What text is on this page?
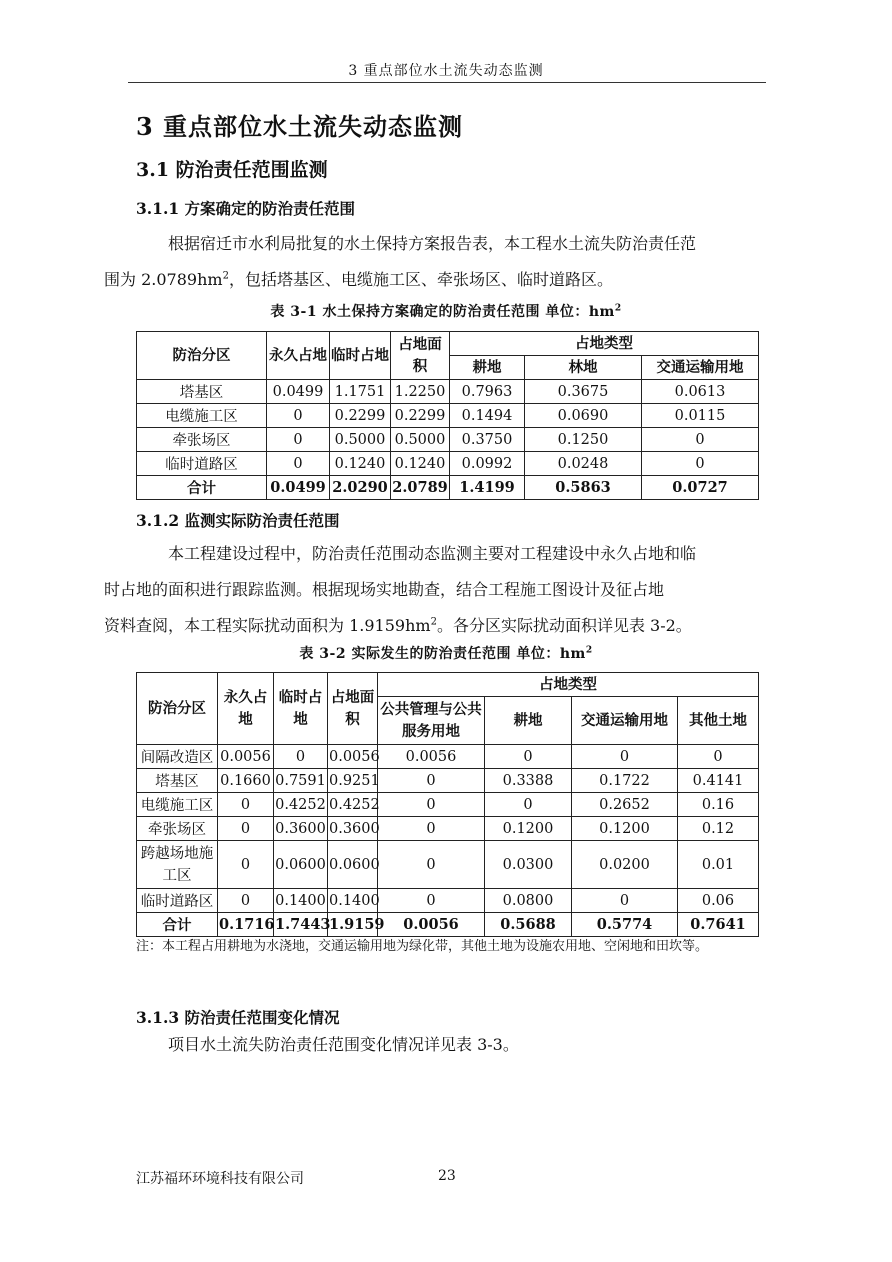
3 重点部位水土流失动态监测
3 重点部位水土流失动态监测
3.1 防治责任范围监测
3.1.1 方案确定的防治责任范围
根据宿迁市水利局批复的水土保持方案报告表，本工程水土流失防治责任范
围为 $2.0789hm^2$，包括塔基区、电缆施工区、牵张场区、临时道路区。
表 3-1 水土保持方案确定的防治责任范围 单位：$hm^2$
防治分区	永久占地	临时占地	占地面积	占地类型		
				耕地	林地	交通运输用地
塔基区	0.0499	1.1751	1.2250	0.7963	0.3675	0.0613
电缆施工区	0	0.2299	0.2299	0.1494	0.0690	0.0115
牵张场区	0	0.5000	0.5000	0.3750	0.1250	0
临时道路区	0	0.1240	0.1240	0.0992	0.0248	0
合计	0.0499	2.0290	2.0789	1.4199	0.5863	0.0727
3.1.2 监测实际防治责任范围
本工程建设过程中，防治责任范围动态监测主要对工程建设中永久占地和临
时占地的面积进行跟踪监测。根据现场实地勘查，结合工程施工图设计及征占地
资料查阅，本工程实际扰动面积为 $1.9159hm^2$。各分区实际扰动面积详见表 3-2。
表 3-2 实际发生的防治责任范围 单位：$hm^2$
防治分区	永久占地	临时占地	占地面积	占地类型			
				公共管理与公共服务用地	耕地	交通运输用地	其他土地
间隔改造区	0.0056	0	0.0056	0.0056	0	0	0
塔基区	0.1660	0.7591	0.9251	0	0.3388	0.1722	0.4141
电缆施工区	0	0.4252	0.4252	0	0	0.2652	0.16
牵张场区	0	0.3600	0.3600	0	0.1200	0.1200	0.12
跨越场地施工区	0	0.0600	0.0600	0	0.0300	0.0200	0.01
临时道路区	0	0.1400	0.1400	0	0.0800	0	0.06
合计	0.1716	1.7443	1.9159	0.0056	0.5688	0.5774	0.7641
注：本工程占用耕地为水浇地，交通运输用地为绿化带，其他土地为设施农用地、空闲地和田坎等。
3.1.3 防治责任范围变化情况
项目水土流失防治责任范围变化情况详见表 3-3。
江苏福环环境科技有限公司	23
